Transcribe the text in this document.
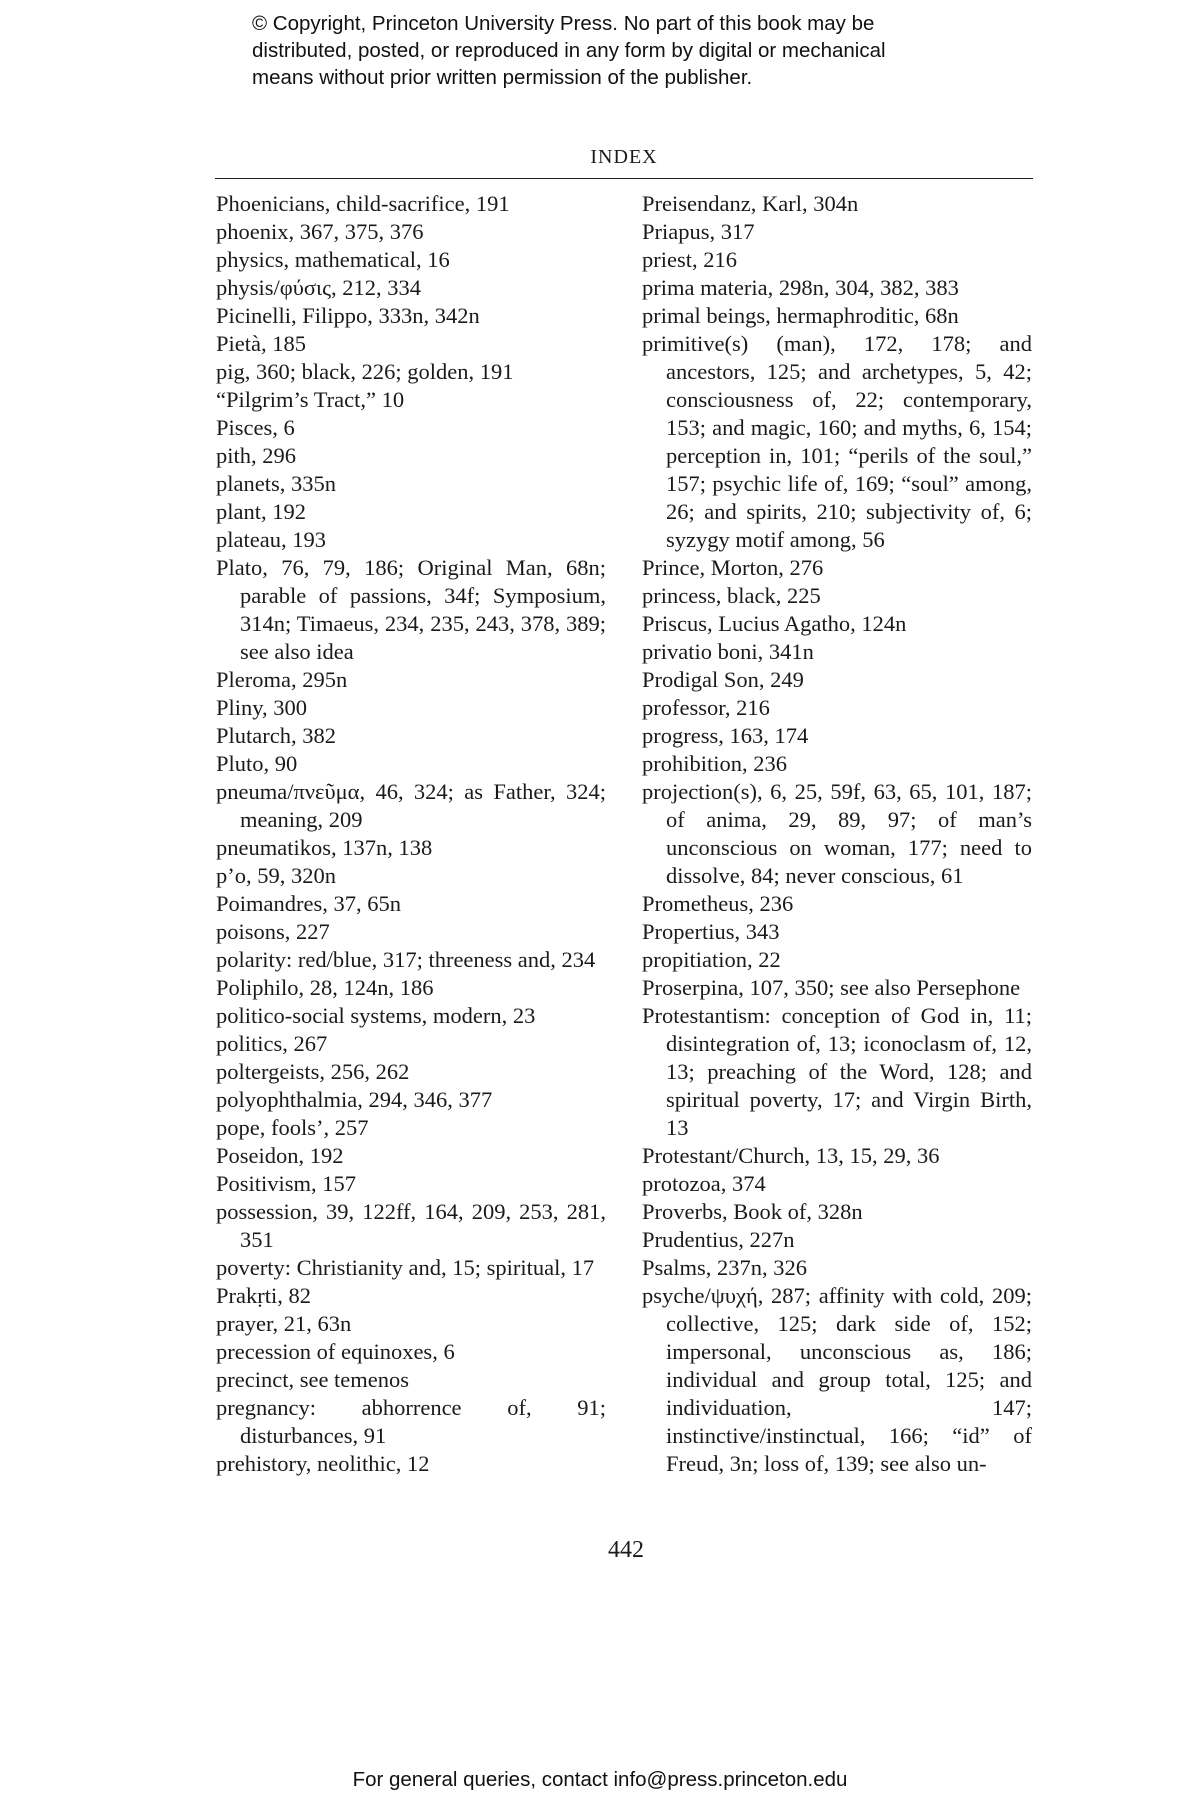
© Copyright, Princeton University Press. No part of this book may be
distributed, posted, or reproduced in any form by digital or mechanical
means without prior written permission of the publisher.
INDEX
Phoenicians, child-sacrifice, 191
phoenix, 367, 375, 376
physics, mathematical, 16
physis/φύσις, 212, 334
Picinelli, Filippo, 333n, 342n
Pietà, 185
pig, 360; black, 226; golden, 191
“Pilgrim’s Tract,” 10
Pisces, 6
pith, 296
planets, 335n
plant, 192
plateau, 193
Plato, 76, 79, 186; Original Man, 68n; parable of passions, 34f; Symposium, 314n; Timaeus, 234, 235, 243, 378, 389; see also idea
Pleroma, 295n
Pliny, 300
Plutarch, 382
Pluto, 90
pneuma/πνεῦμα, 46, 324; as Father, 324; meaning, 209
pneumatikos, 137n, 138
p’o, 59, 320n
Poimandres, 37, 65n
poisons, 227
polarity: red/blue, 317; threeness and, 234
Poliphilo, 28, 124n, 186
politico-social systems, modern, 23
politics, 267
poltergeists, 256, 262
polyophthalmia, 294, 346, 377
pope, fools’, 257
Poseidon, 192
Positivism, 157
possession, 39, 122ff, 164, 209, 253, 281, 351
poverty: Christianity and, 15; spiritual, 17
Prakṛti, 82
prayer, 21, 63n
precession of equinoxes, 6
precinct, see temenos
pregnancy: abhorrence of, 91; disturbances, 91
prehistory, neolithic, 12
Preisendanz, Karl, 304n
Priapus, 317
priest, 216
prima materia, 298n, 304, 382, 383
primal beings, hermaphroditic, 68n
primitive(s) (man), 172, 178; and ancestors, 125; and archetypes, 5, 42; consciousness of, 22; contemporary, 153; and magic, 160; and myths, 6, 154; perception in, 101; “perils of the soul,” 157; psychic life of, 169; “soul” among, 26; and spirits, 210; subjectivity of, 6; syzygy motif among, 56
Prince, Morton, 276
princess, black, 225
Priscus, Lucius Agatho, 124n
privatio boni, 341n
Prodigal Son, 249
professor, 216
progress, 163, 174
prohibition, 236
projection(s), 6, 25, 59f, 63, 65, 101, 187; of anima, 29, 89, 97; of man’s unconscious on woman, 177; need to dissolve, 84; never conscious, 61
Prometheus, 236
Propertius, 343
propitiation, 22
Proserpina, 107, 350; see also Persephone
Protestantism: conception of God in, 11; disintegration of, 13; iconoclasm of, 12, 13; preaching of the Word, 128; and spiritual poverty, 17; and Virgin Birth, 13
Protestant/Church, 13, 15, 29, 36
protozoa, 374
Proverbs, Book of, 328n
Prudentius, 227n
Psalms, 237n, 326
psyche/ψυχή, 287; affinity with cold, 209; collective, 125; dark side of, 152; impersonal, unconscious as, 186; individual and group total, 125; and individuation, 147; instinctive/instinctual, 166; “id” of Freud, 3n; loss of, 139; see also un-
442
For general queries, contact info@press.princeton.edu
